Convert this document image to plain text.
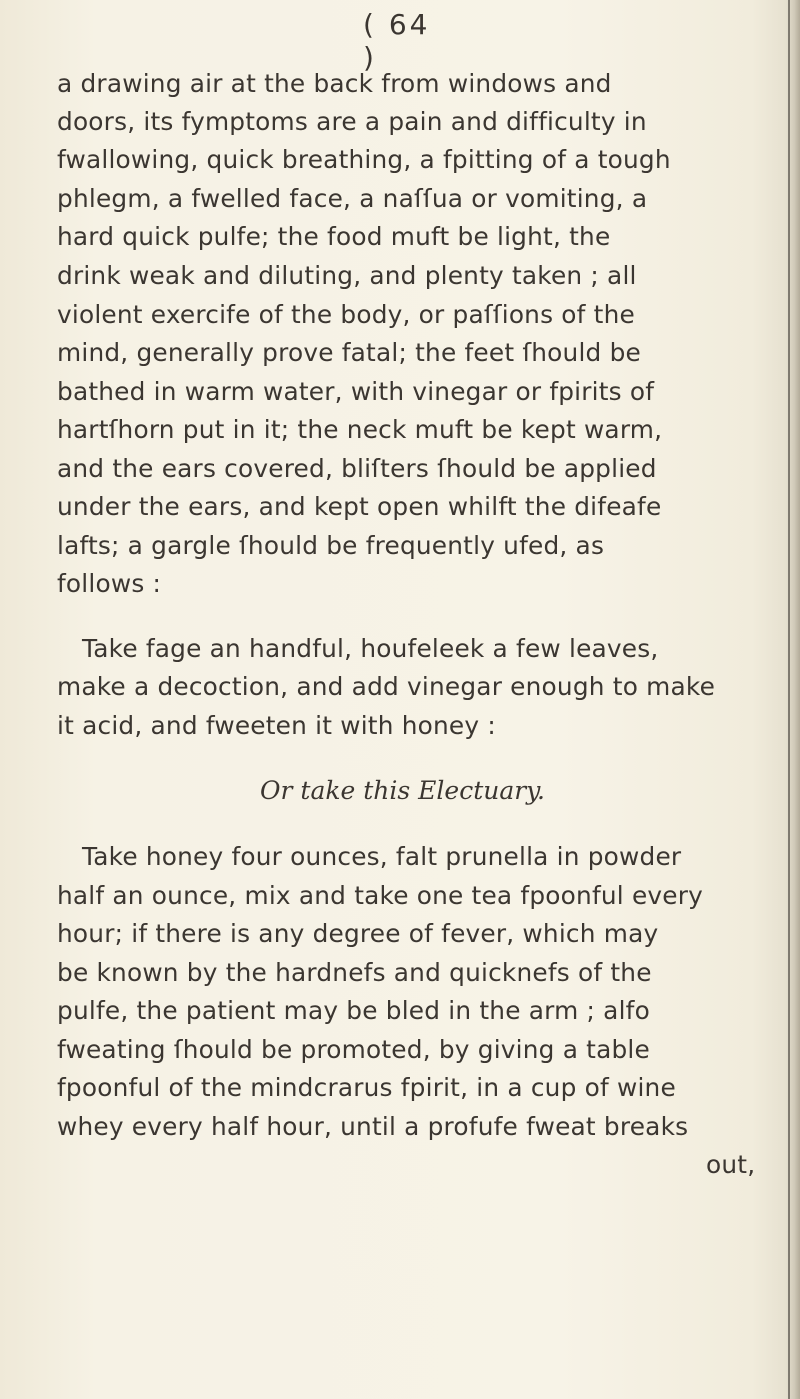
( 64 )
a drawing air at the back from windows and
doors, its fymptoms are a pain and difficulty in
fwallowing, quick breathing, a fpitting of a tough
phlegm, a fwelled face, a naſſua or vomiting, a
hard quick pulfe; the food muft be light, the
drink weak and diluting, and plenty taken ; all
violent exercife of the body, or paſſions of the
mind, generally prove fatal; the feet ſhould be
bathed in warm water, with vinegar or fpirits of
hartſhorn put in it; the neck muft be kept warm,
and the ears covered, bliſters ſhould be applied
under the ears, and kept open whilft the difeafe
lafts; a gargle ſhould be frequently ufed, as
follows :
Take fage an handful, houfeleek a few leaves,
make a decoction, and add vinegar enough to make
it acid, and fweeten it with honey :
Or take this Electuary.
Take honey four ounces, falt prunella in powder
half an ounce, mix and take one tea fpoonful every
hour; if there is any degree of fever, which may
be known by the hardnefs and quicknefs of the
pulfe, the patient may be bled in the arm ; alfo
fweating ſhould be promoted, by giving a table
fpoonful of the mindcrarus fpirit, in a cup of wine
whey every half hour, until a profufe fweat breaks
out,
